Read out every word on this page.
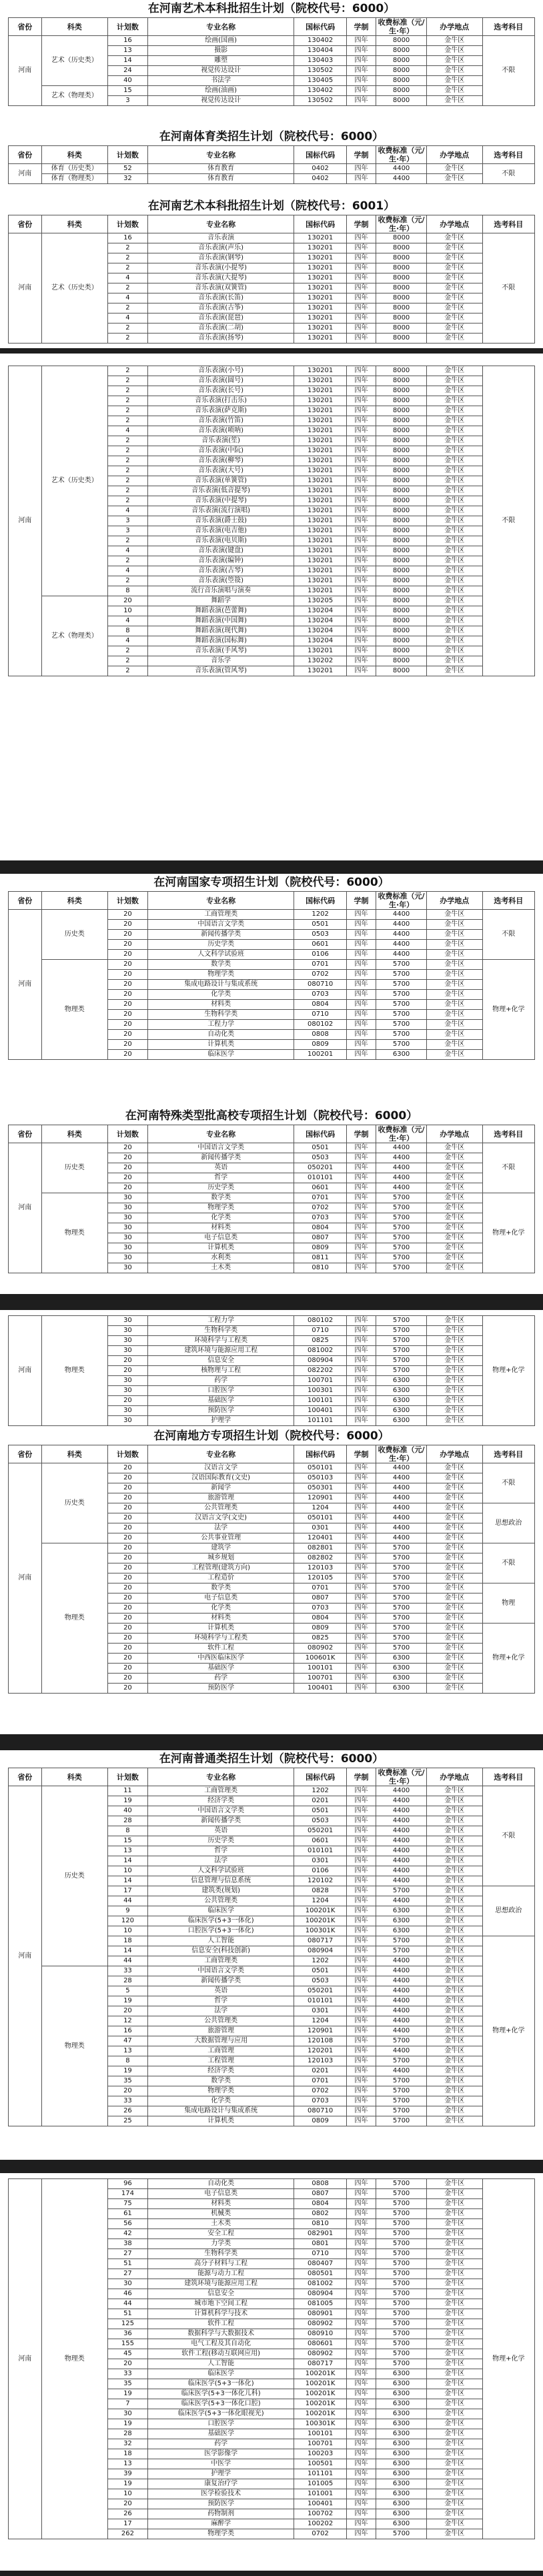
在河南艺术本科批招生计划（院校代号：6000）
省份	科类	计划数	专业名称	国标代码	学制	收费标准（元/生·年）	办学地点	选考科目
河南	艺术（历史类）	16	绘画(国画)	130402	四年	8000	金牛区	不限
		13	摄影	130404	四年	8000	金牛区	
		14	雕塑	130403	四年	8000	金牛区	
		24	视觉传达设计	130502	四年	8000	金牛区	
		40	书法学	130405	四年	8000	金牛区	
	艺术（物理类）	15	绘画(油画)	130402	四年	8000	金牛区	
		3	视觉传达设计	130502	四年	8000	金牛区	
在河南体育类招生计划（院校代号：6000）
省份	科类	计划数	专业名称	国标代码	学制	收费标准（元/生·年）	办学地点	选考科目
河南	体育（历史类）	52	体育教育	0402	四年	4400	金牛区	不限
	体育（物理类）	32	体育教育	0402	四年	4400	金牛区	
在河南艺术本科批招生计划（院校代号：6001）
省份	科类	计划数	专业名称	国标代码	学制	收费标准（元/生·年）	办学地点	选考科目
河南	艺术（历史类）	16	音乐表演	130201	四年	8000	金牛区	不限
		2	音乐表演(声乐)	130201	四年	8000	金牛区	
		2	音乐表演(钢琴)	130201	四年	8000	金牛区	
		2	音乐表演(小提琴)	130201	四年	8000	金牛区	
		4	音乐表演(大提琴)	130201	四年	8000	金牛区	
		2	音乐表演(双簧管)	130201	四年	8000	金牛区	
		4	音乐表演(长笛)	130201	四年	8000	金牛区	
		2	音乐表演(古筝)	130201	四年	8000	金牛区	
		4	音乐表演(琵琶)	130201	四年	8000	金牛区	
		2	音乐表演(二胡)	130201	四年	8000	金牛区	
		2	音乐表演(扬琴)	130201	四年	8000	金牛区	
河南	艺术（历史类）	2	音乐表演(小号)	130201	四年	8000	金牛区	不限
		2	音乐表演(圆号)	130201	四年	8000	金牛区	
		2	音乐表演(长号)	130201	四年	8000	金牛区	
		2	音乐表演(打击乐)	130201	四年	8000	金牛区	
		2	音乐表演(萨克斯)	130201	四年	8000	金牛区	
		2	音乐表演(竹笛)	130201	四年	8000	金牛区	
		4	音乐表演(唢呐)	130201	四年	8000	金牛区	
		2	音乐表演(笙)	130201	四年	8000	金牛区	
		2	音乐表演(中阮)	130201	四年	8000	金牛区	
		2	音乐表演(柳琴)	130201	四年	8000	金牛区	
		2	音乐表演(大号)	130201	四年	8000	金牛区	
		2	音乐表演(单簧管)	130201	四年	8000	金牛区	
		2	音乐表演(低音提琴)	130201	四年	8000	金牛区	
		2	音乐表演(中提琴)	130201	四年	8000	金牛区	
		4	音乐表演(流行演唱)	130201	四年	8000	金牛区	
		3	音乐表演(爵士鼓)	130201	四年	8000	金牛区	
		3	音乐表演(电吉他)	130201	四年	8000	金牛区	
		2	音乐表演(电贝斯)	130201	四年	8000	金牛区	
		4	音乐表演(键盘)	130201	四年	8000	金牛区	
		2	音乐表演(编钟)	130201	四年	8000	金牛区	
		4	音乐表演(古琴)	130201	四年	8000	金牛区	
		2	音乐表演(箜篌)	130201	四年	8000	金牛区	
		8	流行音乐演唱与演奏	130201	四年	8000	金牛区	
	艺术（物理类）	20	舞蹈学	130205	四年	8000	金牛区	
		10	舞蹈表演(芭蕾舞)	130204	四年	8000	金牛区	
		4	舞蹈表演(中国舞)	130204	四年	8000	金牛区	
		8	舞蹈表演(现代舞)	130204	四年	8000	金牛区	
		4	舞蹈表演(国标舞)	130204	四年	8000	金牛区	
		2	音乐表演(手风琴)	130201	四年	8000	金牛区	
		2	音乐学	130202	四年	8000	金牛区	
		2	音乐表演(管风琴)	130201	四年	8000	金牛区	
在河南国家专项招生计划（院校代号：6000）
省份	科类	计划数	专业名称	国标代码	学制	收费标准（元/生·年）	办学地点	选考科目
河南	历史类	20	工商管理类	1202	四年	4400	金牛区	不限
		20	中国语言文学类	0501	四年	4400	金牛区	
		20	新闻传播学类	0503	四年	4400	金牛区	
		20	历史学类	0601	四年	4400	金牛区	
		20	人文科学试验班	0106	四年	4400	金牛区	
	物理类	20	数学类	0701	四年	5700	金牛区	物理+化学
		20	物理学类	0702	四年	5700	金牛区	
		20	集成电路设计与集成系统	080710	四年	5700	金牛区	
		20	化学类	0703	四年	5700	金牛区	
		20	材料类	0804	四年	5700	金牛区	
		20	生物科学类	0710	四年	5700	金牛区	
		20	工程力学	080102	四年	5700	金牛区	
		20	自动化类	0808	四年	5700	金牛区	
		20	计算机类	0809	四年	5700	金牛区	
		20	临床医学	100201	四年	6300	金牛区	
在河南特殊类型批高校专项招生计划（院校代号：6000）
省份	科类	计划数	专业名称	国标代码	学制	收费标准（元/生·年）	办学地点	选考科目
河南	历史类	20	中国语言文学类	0501	四年	4400	金牛区	不限
		20	新闻传播学类	0503	四年	4400	金牛区	
		20	英语	050201	四年	4400	金牛区	
		20	哲学	010101	四年	4400	金牛区	
		20	历史学类	0601	四年	4400	金牛区	
	物理类	30	数学类	0701	四年	5700	金牛区	物理+化学
		30	物理学类	0702	四年	5700	金牛区	
		30	化学类	0703	四年	5700	金牛区	
		30	材料类	0804	四年	5700	金牛区	
		30	电子信息类	0807	四年	5700	金牛区	
		30	计算机类	0809	四年	5700	金牛区	
		30	水利类	0811	四年	5700	金牛区	
		30	土木类	0810	四年	5700	金牛区	
河南	物理类	30	工程力学	080102	四年	5700	金牛区	物理+化学
		30	生物科学类	0710	四年	5700	金牛区	
		30	环境科学与工程类	0825	四年	5700	金牛区	
		30	建筑环境与能源应用工程	081002	四年	5700	金牛区	
		20	信息安全	080904	四年	5700	金牛区	
		20	核物理与工程	082202	四年	5700	金牛区	
		30	药学	100701	四年	6300	金牛区	
		30	口腔医学	100301	四年	6300	金牛区	
		20	基础医学	100101	四年	6300	金牛区	
		30	预防医学	100401	四年	6300	金牛区	
		30	护理学	101101	四年	6300	金牛区	
在河南地方专项招生计划（院校代号：6000）
省份	科类	计划数	专业名称	国标代码	学制	收费标准（元/生·年）	办学地点	选考科目
河南	历史类	20	汉语言文学	050101	四年	4400	金牛区	不限
		20	汉语国际教育(文史)	050103	四年	4400	金牛区	
		20	新闻学	050301	四年	4400	金牛区	
		20	旅游管理	120901	四年	4400	金牛区	
		20	公共管理类	1204	四年	4400	金牛区	思想政治
		20	汉语言文学(文史)	050101	四年	4400	金牛区	
		20	法学	0301	四年	4400	金牛区	
		20	公共事业管理	120401	四年	4400	金牛区	
	物理类	20	建筑学	082801	四年	5700	金牛区	不限
		20	城乡规划	082802	四年	5700	金牛区	
		20	工程管理(建筑方向)	120103	四年	5700	金牛区	
		20	工程造价	120105	四年	5700	金牛区	
		20	数学类	0701	四年	5700	金牛区	物理
		20	电子信息类	0807	四年	5700	金牛区	
		20	化学类	0703	四年	5700	金牛区	
		20	材料类	0804	四年	5700	金牛区	
		20	计算机类	0809	四年	5700	金牛区	物理+化学
		20	环境科学与工程类	0825	四年	5700	金牛区	
		20	软件工程	080902	四年	5700	金牛区	
		20	中西医临床医学	100601K	四年	6300	金牛区	
		20	基础医学	100101	四年	6300	金牛区	
		20	药学	100701	四年	6300	金牛区	
		20	预防医学	100401	四年	6300	金牛区	
在河南普通类招生计划（院校代号：6000）
省份	科类	计划数	专业名称	国标代码	学制	收费标准（元/生·年）	办学地点	选考科目
河南	历史类	11	工商管理类	1202	四年	4400	金牛区	不限
		19	经济学类	0201	四年	4400	金牛区	
		40	中国语言文学类	0501	四年	4400	金牛区	
		28	新闻传播学类	0503	四年	4400	金牛区	
		8	英语	050201	四年	4400	金牛区	
		15	历史学类	0601	四年	4400	金牛区	
		13	哲学	010101	四年	4400	金牛区	
		14	法学	0301	四年	4400	金牛区	
		10	人文科学试验班	0106	四年	4400	金牛区	
		14	信息管理与信息系统	120102	四年	4400	金牛区	
		17	建筑类(规划)	0828	四年	5700	金牛区	思想政治
		44	公共管理类	1204	四年	4400	金牛区	
		9	临床医学	100201K	四年	6300	金牛区	
		120	临床医学(5+3一体化)	100201K	四年	6300	金牛区	
		10	口腔医学(5+3一体化)	100301K	四年	6300	金牛区	
		18	人工智能	080717	四年	5700	金牛区	物理+化学
		14	信息安全(科技创新)	080904	四年	5700	金牛区	
		44	工商管理类	1202	四年	4400	金牛区	
	物理类	33	中国语言文学类	0501	四年	4400	金牛区	
		28	新闻传播学类	0503	四年	4400	金牛区	
		5	英语	050201	四年	4400	金牛区	
		19	哲学	010101	四年	4400	金牛区	
		20	法学	0301	四年	4400	金牛区	
		12	公共管理类	1204	四年	4400	金牛区	
		16	旅游管理	120901	四年	4400	金牛区	
		47	大数据管理与应用	120108	四年	5700	金牛区	
		13	工商管理	120201	四年	4400	金牛区	
		8	工程管理	120103	四年	5700	金牛区	
		19	经济学类	0201	四年	4400	金牛区	
		35	数学类	0701	四年	5700	金牛区	
		20	物理学类	0702	四年	5700	金牛区	
		33	化学类	0703	四年	5700	金牛区	
		26	集成电路设计与集成系统	080710	四年	5700	金牛区	
		25	计算机类	0809	四年	5700	金牛区	
河南	物理类	96	自动化类	0808	四年	5700	金牛区	物理+化学
		174	电子信息类	0807	四年	5700	金牛区	
		75	材料类	0804	四年	5700	金牛区	
		61	机械类	0802	四年	5700	金牛区	
		56	土木类	0810	四年	5700	金牛区	
		42	安全工程	082901	四年	5700	金牛区	
		38	力学类	0801	四年	5700	金牛区	
		27	生物科学类	0710	四年	5700	金牛区	
		51	高分子材料与工程	080407	四年	5700	金牛区	
		27	能源与动力工程	080501	四年	5700	金牛区	
		30	建筑环境与能源应用工程	081002	四年	5700	金牛区	
		46	信息安全	080904	四年	5700	金牛区	
		44	城市地下空间工程	081005	四年	5700	金牛区	
		51	计算机科学与技术	080901	四年	5700	金牛区	
		125	软件工程	080902	四年	5700	金牛区	
		36	数据科学与大数据技术	080910	四年	5700	金牛区	
		155	电气工程及其自动化	080601	四年	5700	金牛区	
		45	软件工程(移动互联网应用)	080902	四年	5700	金牛区	
		20	人工智能	080717	四年	5700	金牛区	
		33	临床医学	100201K	四年	6300	金牛区	
		35	临床医学(5+3一体化)	100201K	四年	6300	金牛区	
		19	临床医学(5+3一体化儿科)	100201K	四年	6300	金牛区	
		7	临床医学(5+3一体化口腔)	100201K	四年	6300	金牛区	
		30	临床医学(5+3一体化眼视光)	100201K	四年	6300	金牛区	
		19	口腔医学	100301K	四年	6300	金牛区	
		28	基础医学	100101	四年	6300	金牛区	
		32	药学	100701	四年	6300	金牛区	
		18	医学影像学	100203	四年	6300	金牛区	
		13	中医学	100501	四年	6300	金牛区	
		39	护理学	101101	四年	6300	金牛区	
		19	康复治疗学	101005	四年	6300	金牛区	
		10	医学检验技术	101001	四年	6300	金牛区	
		20	预防医学	100401	四年	6300	金牛区	
		26	药物制剂	100702	四年	6300	金牛区	
		17	麻醉学	100202	四年	6300	金牛区	
		262	物理学类	0702	四年	5700	金牛区	
